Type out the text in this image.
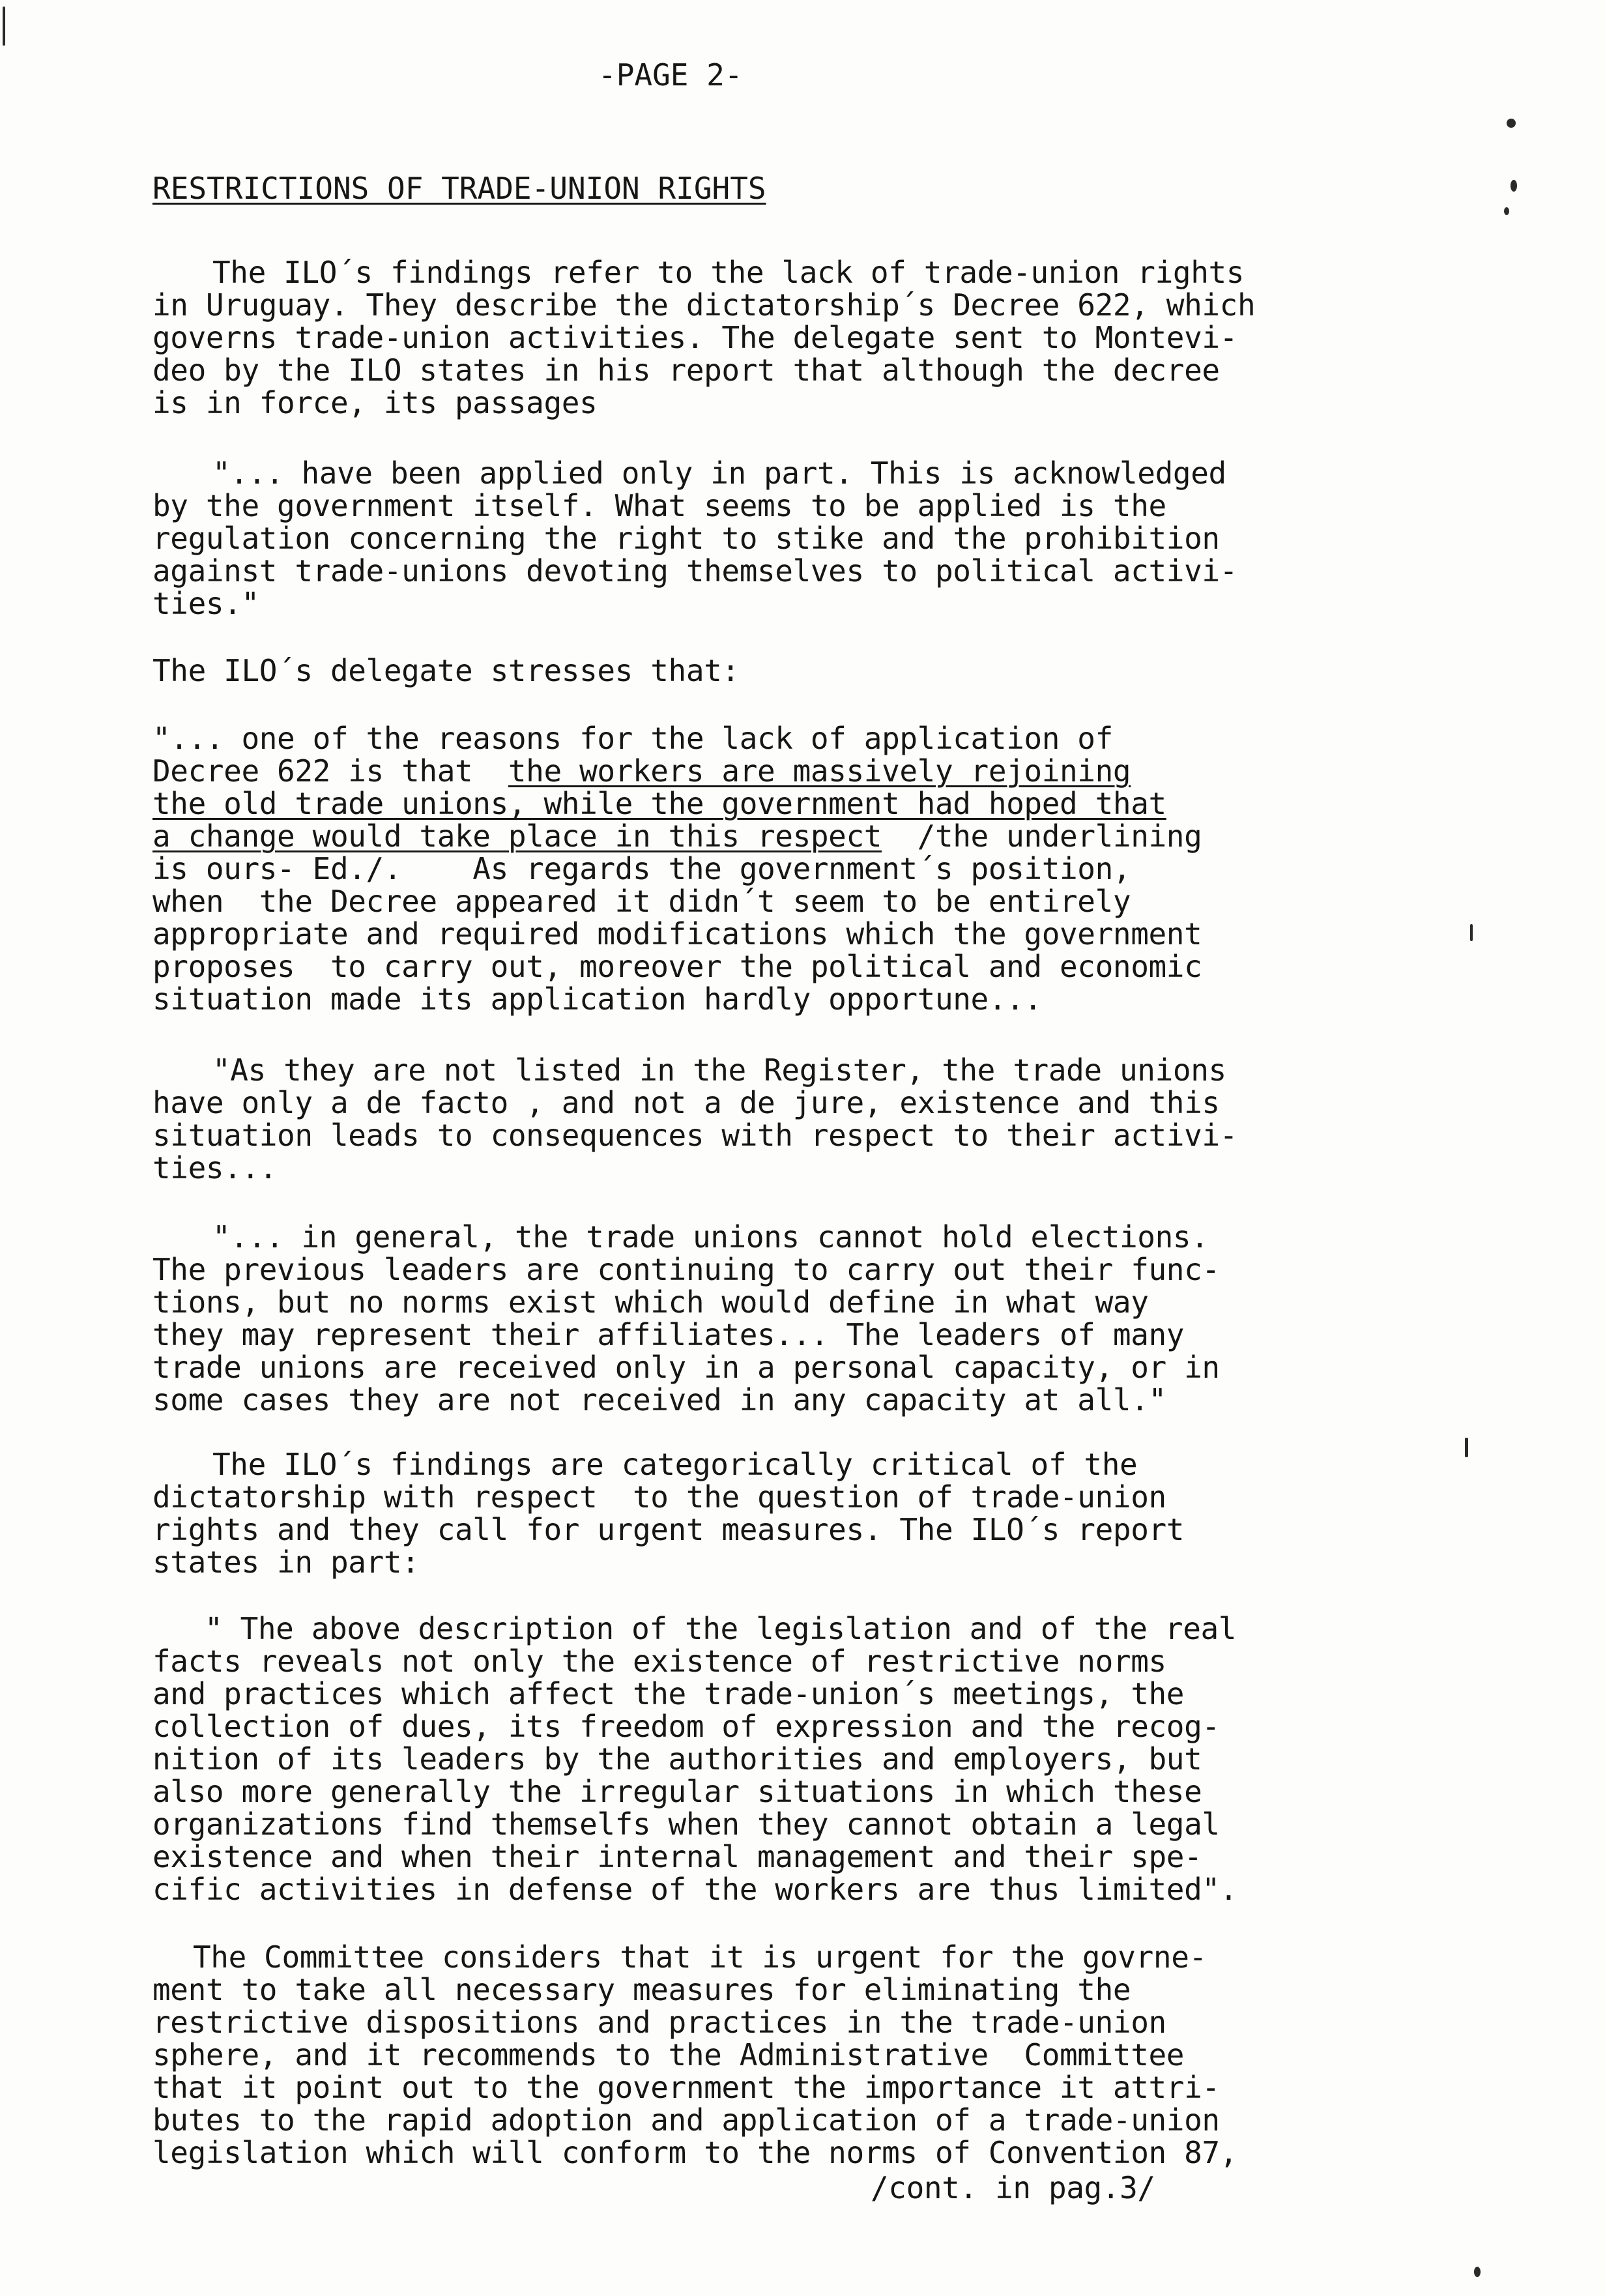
-PAGE 2-
RESTRICTIONS OF TRADE-UNION RIGHTS
The ILO´s findings refer to the lack of trade-union rights
in Uruguay. They describe the dictatorship´s Decree 622, which
governs trade-union activities. The delegate sent to Montevi-
deo by the ILO states in his report that although the decree
is in force, its passages
"... have been applied only in part. This is acknowledged
by the government itself. What seems to be applied is the
regulation concerning the right to stike and the prohibition
against trade-unions devoting themselves to political activi-
ties."
The ILO´s delegate stresses that:
"... one of the reasons for the lack of application of
Decree 622 is that  the workers are massively rejoining
the old trade unions, while the government had hoped that
a change would take place in this respect  /the underlining
is ours- Ed./.    As regards the government´s position,
when  the Decree appeared it didn´t seem to be entirely
appropriate and required modifications which the government
proposes  to carry out, moreover the political and economic
situation made its application hardly opportune...
"As they are not listed in the Register, the trade unions
have only a de facto , and not a de jure, existence and this
situation leads to consequences with respect to their activi-
ties...
"... in general, the trade unions cannot hold elections.
The previous leaders are continuing to carry out their func-
tions, but no norms exist which would define in what way
they may represent their affiliates... The leaders of many
trade unions are received only in a personal capacity, or in
some cases they are not received in any capacity at all."
The ILO´s findings are categorically critical of the
dictatorship with respect  to the question of trade-union
rights and they call for urgent measures. The ILO´s report
states in part:
" The above description of the legislation and of the real
facts reveals not only the existence of restrictive norms
and practices which affect the trade-union´s meetings, the
collection of dues, its freedom of expression and the recog-
nition of its leaders by the authorities and employers, but
also more generally the irregular situations in which these
organizations find themselfs when they cannot obtain a legal
existence and when their internal management and their spe-
cific activities in defense of the workers are thus limited".
The Committee considers that it is urgent for the govrne-
ment to take all necessary measures for eliminating the
restrictive dispositions and practices in the trade-union
sphere, and it recommends to the Administrative  Committee
that it point out to the government the importance it attri-
butes to the rapid adoption and application of a trade-union
legislation which will conform to the norms of Convention 87,
/cont. in pag.3/
